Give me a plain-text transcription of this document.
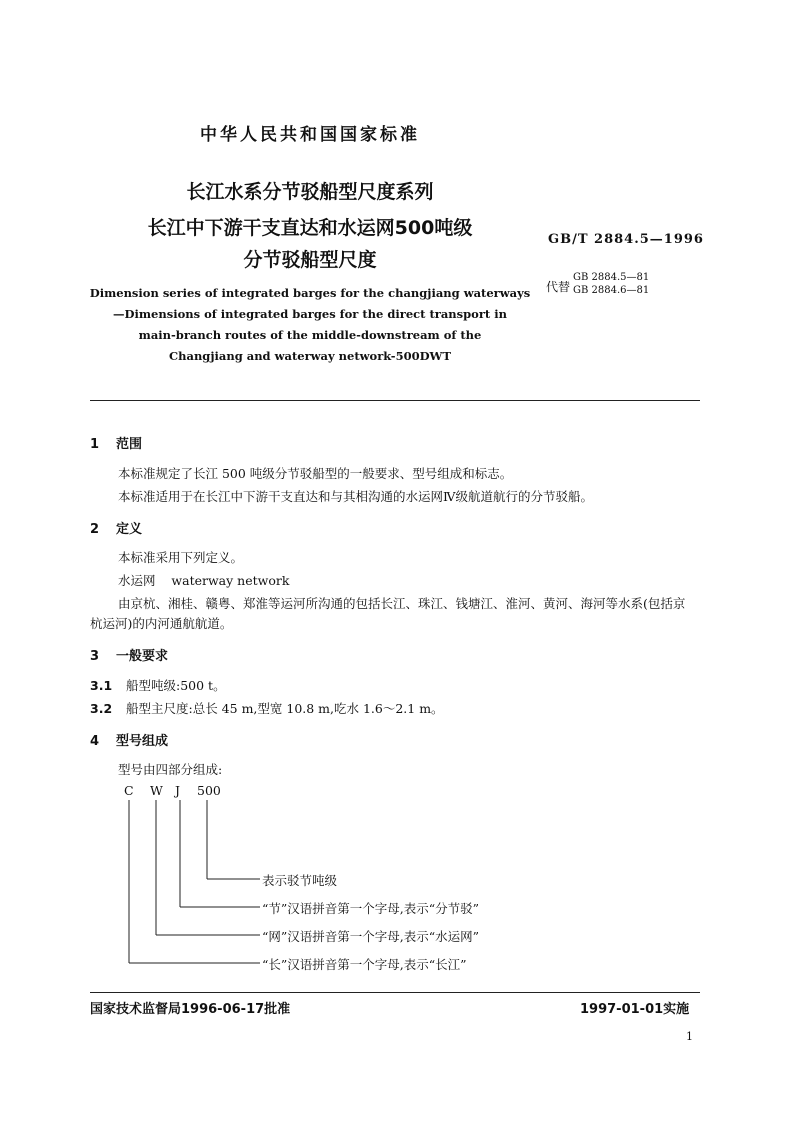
中华人民共和国国家标准
长江水系分节驳船型尺度系列
长江中下游干支直达和水运网500吨级
分节驳船型尺度
GB/T 2884.5—1996
代替
GB 2884.5—81
GB 2884.6—81
Dimension series of integrated barges for the changjiang waterways
—Dimensions of integrated barges for the direct transport in
main-branch routes of the middle-downstream of the
Changjiang and waterway network-500DWT
1 范围
本标准规定了长江 500 吨级分节驳船型的一般要求、型号组成和标志。
本标准适用于在长江中下游干支直达和与其相沟通的水运网Ⅳ级航道航行的分节驳船。
2 定义
本标准采用下列定义。
水运网 waterway network
由京杭、湘桂、赣粤、郑淮等运河所沟通的包括长江、珠江、钱塘江、淮河、黄河、海河等水系(包括京
杭运河)的内河通航航道。
3 一般要求
3.1 船型吨级:500 t。
3.2 船型主尺度:总长 45 m,型宽 10.8 m,吃水 1.6～2.1 m。
4 型号组成
型号由四部分组成:
C W J 500
表示驳节吨级
“节”汉语拼音第一个字母,表示“分节驳”
“网”汉语拼音第一个字母,表示“水运网”
“长”汉语拼音第一个字母,表示“长江”
国家技术监督局1996-06-17批准	1997-01-01实施
1
